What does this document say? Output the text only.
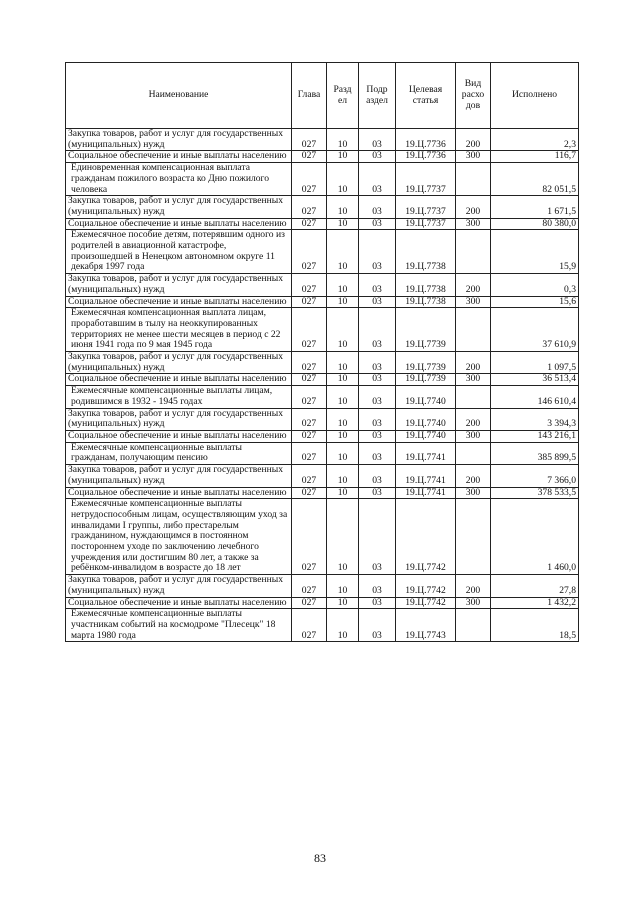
Наименование	Глава	Разд ел	Подр аздел	Целевая статья	Вид расхо дов	Исполнено
Закупка товаров, работ и услуг для государственных (муниципальных) нужд	027	10	03	19.Ц.7736	200	2,3
Социальное обеспечение и иные выплаты населению	027	10	03	19.Ц.7736	300	116,7
Единовременная компенсационная выплата гражданам пожилого возраста ко Дню пожилого человека	027	10	03	19.Ц.7737		82 051,5
Закупка товаров, работ и услуг для государственных (муниципальных) нужд	027	10	03	19.Ц.7737	200	1 671,5
Социальное обеспечение и иные выплаты населению	027	10	03	19.Ц.7737	300	80 380,0
Ежемесячное пособие детям, потерявшим одного из родителей в авиационной катастрофе, произошедшей в Ненецком автономном округе 11 декабря 1997 года	027	10	03	19.Ц.7738		15,9
Закупка товаров, работ и услуг для государственных (муниципальных) нужд	027	10	03	19.Ц.7738	200	0,3
Социальное обеспечение и иные выплаты населению	027	10	03	19.Ц.7738	300	15,6
Ежемесячная компенсационная выплата лицам, проработавшим в тылу на неоккупированных территориях не менее шести месяцев в период с 22 июня 1941 года по 9 мая 1945 года	027	10	03	19.Ц.7739		37 610,9
Закупка товаров, работ и услуг для государственных (муниципальных) нужд	027	10	03	19.Ц.7739	200	1 097,5
Социальное обеспечение и иные выплаты населению	027	10	03	19.Ц.7739	300	36 513,4
Ежемесячные компенсационные выплаты лицам, родившимся в 1932 - 1945 годах	027	10	03	19.Ц.7740		146 610,4
Закупка товаров, работ и услуг для государственных (муниципальных) нужд	027	10	03	19.Ц.7740	200	3 394,3
Социальное обеспечение и иные выплаты населению	027	10	03	19.Ц.7740	300	143 216,1
Ежемесячные компенсационные выплаты гражданам, получающим пенсию	027	10	03	19.Ц.7741		385 899,5
Закупка товаров, работ и услуг для государственных (муниципальных) нужд	027	10	03	19.Ц.7741	200	7 366,0
Социальное обеспечение и иные выплаты населению	027	10	03	19.Ц.7741	300	378 533,5
Ежемесячные компенсационные выплаты нетрудоспособным лицам, осуществляющим уход за инвалидами I группы, либо престарелым гражданином, нуждающимся в постоянном постороннем уходе по заключению лечебного учреждения или достигшим 80 лет, а также за ребёнком-инвалидом в возрасте до 18 лет	027	10	03	19.Ц.7742		1 460,0
Закупка товаров, работ и услуг для государственных (муниципальных) нужд	027	10	03	19.Ц.7742	200	27,8
Социальное обеспечение и иные выплаты населению	027	10	03	19.Ц.7742	300	1 432,2
Ежемесячные компенсационные выплаты участникам событий на космодроме "Плесецк" 18 марта 1980 года	027	10	03	19.Ц.7743		18,5
83
